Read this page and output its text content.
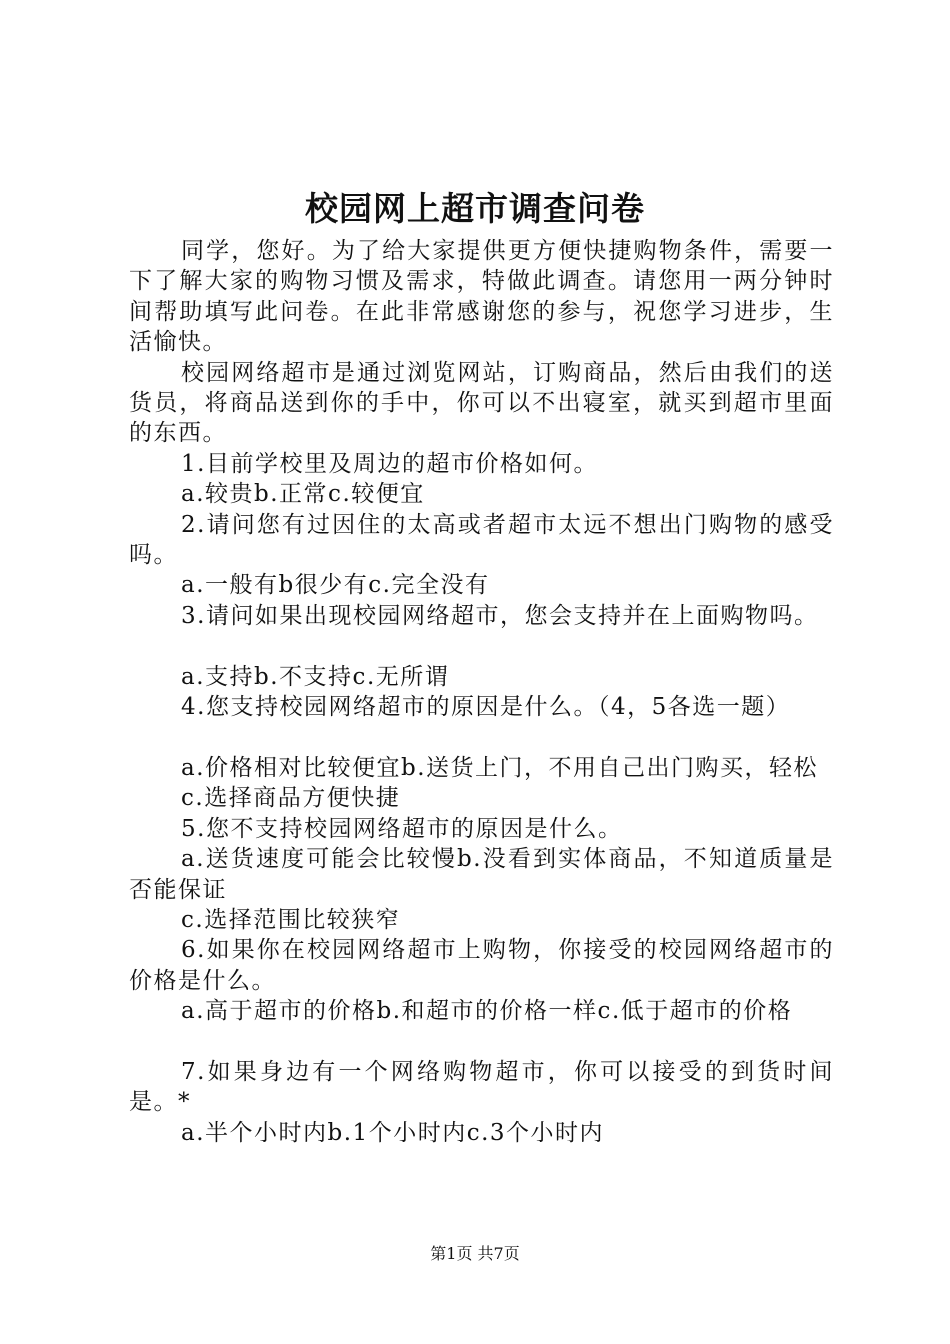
校园网上超市调查问卷

同学，您好。为了给大家提供更方便快捷购物条件，需要一下了解大家的购物习惯及需求，特做此调查。请您用一两分钟时间帮助填写此问卷。在此非常感谢您的参与，祝您学习进步，生活愉快。

校园网络超市是通过浏览网站，订购商品，然后由我们的送货员，将商品送到你的手中，你可以不出寝室，就买到超市里面的东西。

1.目前学校里及周边的超市价格如何。

a.较贵b.正常c.较便宜

2.请问您有过因住的太高或者超市太远不想出门购物的感受吗。

a.一般有b很少有c.完全没有

3.请问如果出现校园网络超市，您会支持并在上面购物吗。

a.支持b.不支持c.无所谓

4.您支持校园网络超市的原因是什么。（4，5各选一题）

a.价格相对比较便宜b.送货上门，不用自己出门购买，轻松

c.选择商品方便快捷

5.您不支持校园网络超市的原因是什么。

a.送货速度可能会比较慢b.没看到实体商品，不知道质量是否能保证

c.选择范围比较狭窄

6.如果你在校园网络超市上购物，你接受的校园网络超市的价格是什么。

a.高于超市的价格b.和超市的价格一样c.低于超市的价格

7.如果身边有一个网络购物超市，你可以接受的到货时间是。*

a.半个小时内b.1个小时内c.3个小时内

第1页 共7页
